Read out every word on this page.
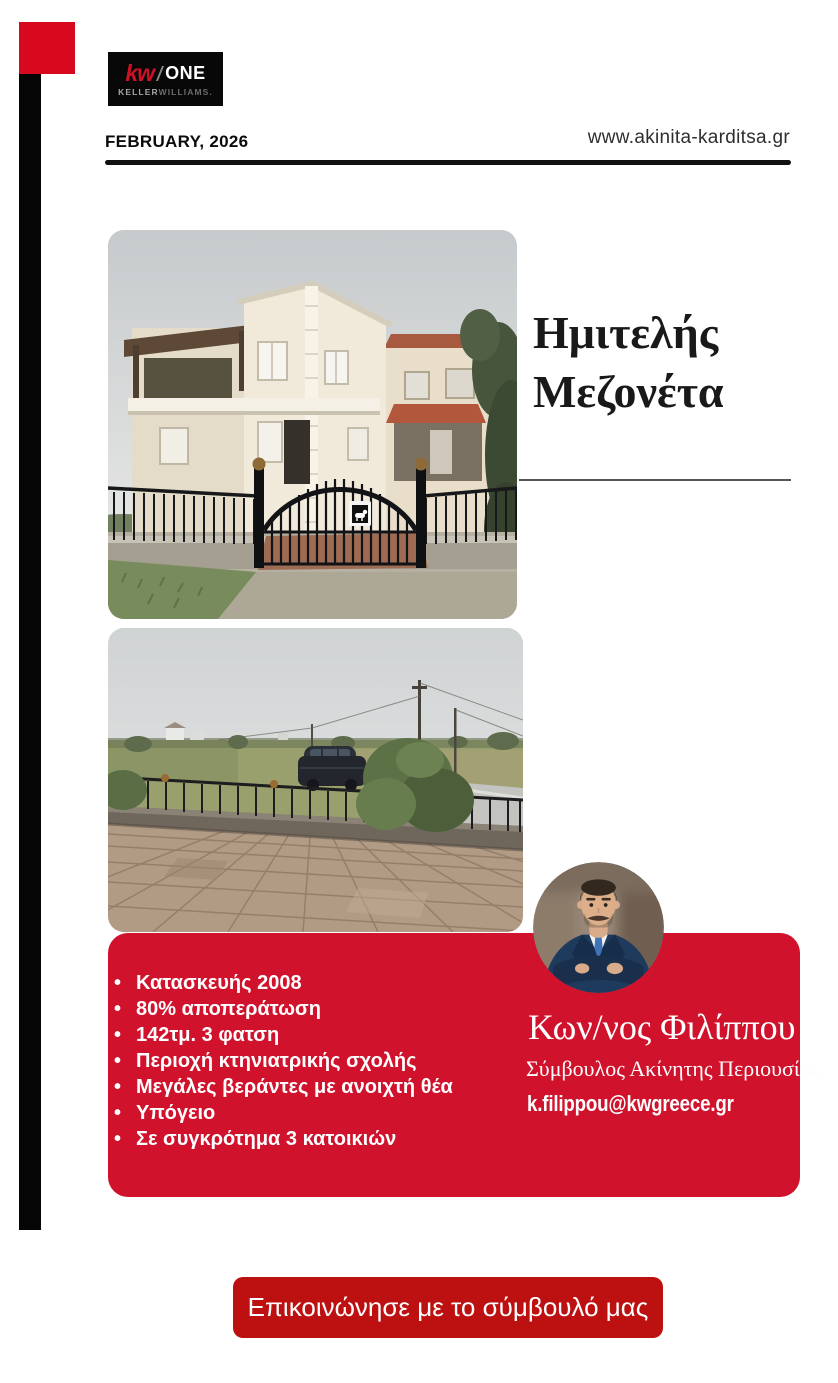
kw ONE
KELLERWILLIAMS.
FEBRUARY, 2026	www.akinita-karditsa.gr
Ημιτελής
Μεζονέτα
• Κατασκευής 2008
• 80% αποπεράτωση
• 142τμ. 3 φατση
• Περιοχή κτηνιατρικής σχολής
• Μεγάλες βεράντες με ανοιχτή θέα
• Υπόγειο
• Σε συγκρότημα 3 κατοικιών
Κων/νος Φιλίππου
Σύμβουλος Ακίνητης Περιουσίας
k.filippou@kwgreece.gr
Επικοινώνησε με το σύμβουλό μας
